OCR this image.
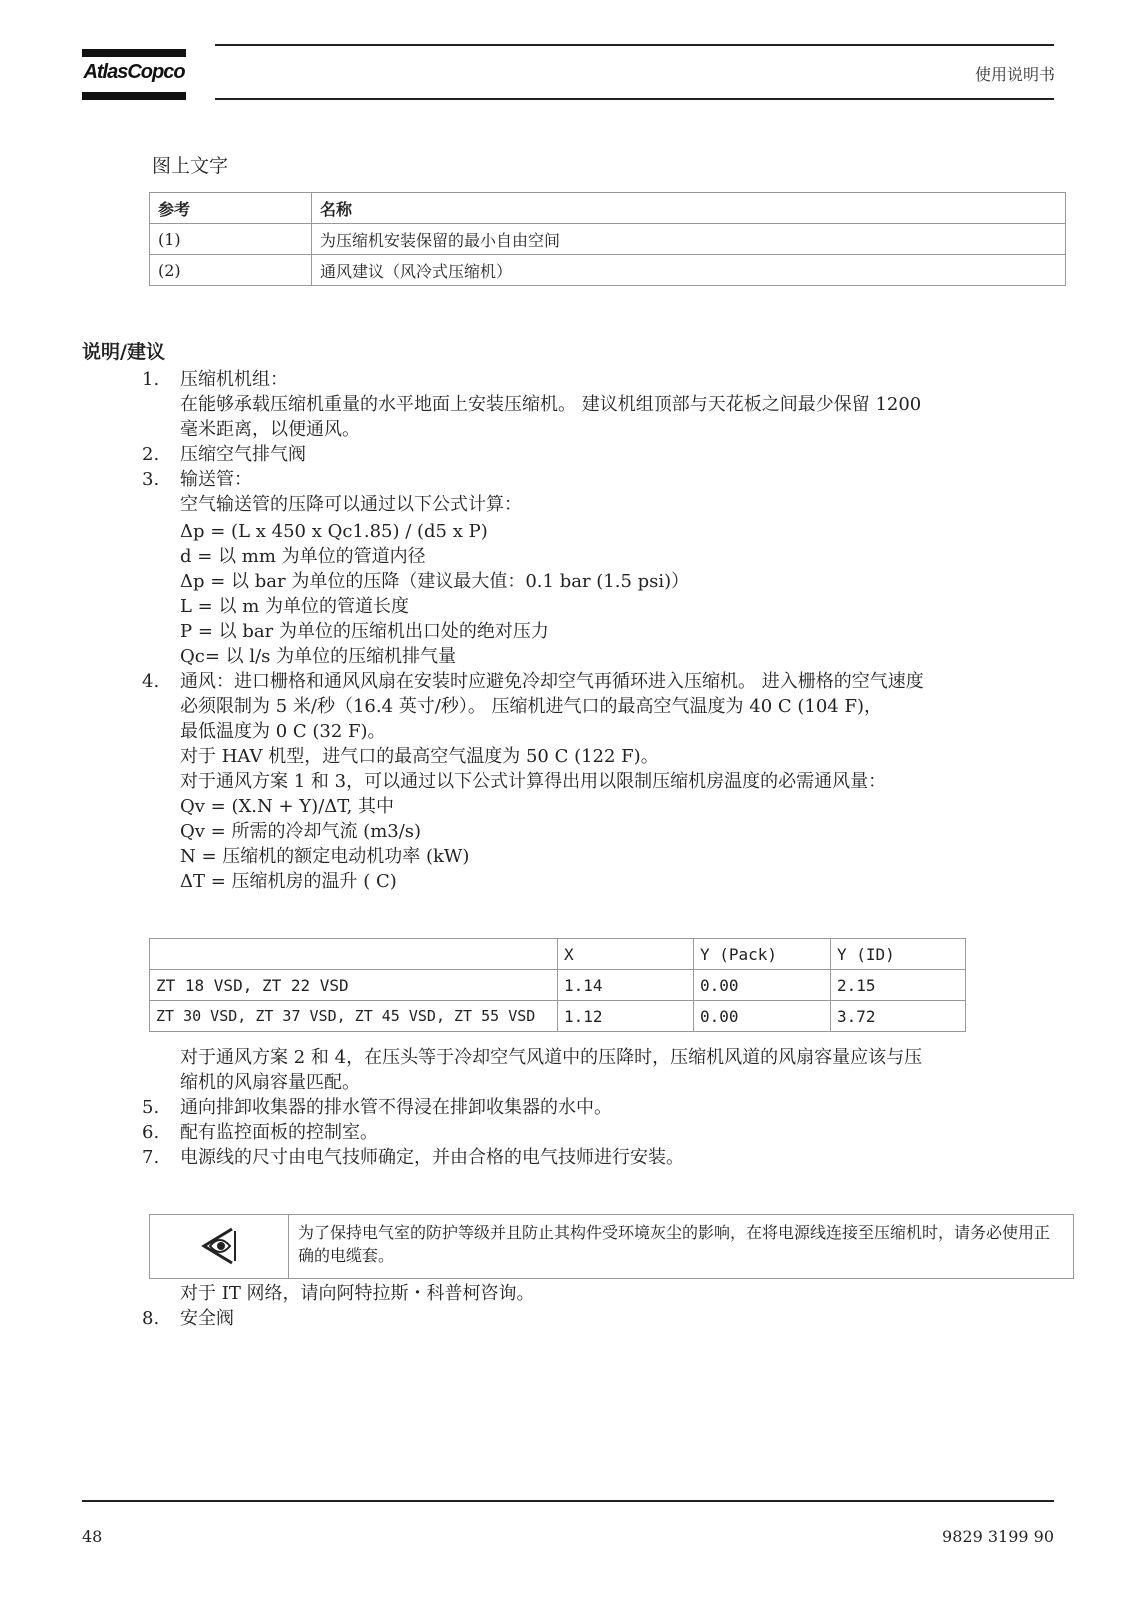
AtlasCopco	使用说明书
图上文字
参考	名称
(1)	为压缩机安装保留的最小自由空间
(2)	通风建议（风冷式压缩机）
说明/建议
1. 压缩机机组：
在能够承载压缩机重量的水平地面上安装压缩机。 建议机组顶部与天花板之间最少保留 1200
毫米距离，以便通风。
2. 压缩空气排气阀
3. 输送管：
空气输送管的压降可以通过以下公式计算：
Δp = (L x 450 x Qc1.85) / (d5 x P)
d = 以 mm 为单位的管道内径
Δp = 以 bar 为单位的压降（建议最大值：0.1 bar (1.5 psi)）
L = 以 m 为单位的管道长度
P = 以 bar 为单位的压缩机出口处的绝对压力
Qc= 以 l/s 为单位的压缩机排气量
4. 通风：进口栅格和通风风扇在安装时应避免冷却空气再循环进入压缩机。 进入栅格的空气速度
必须限制为 5 米/秒（16.4 英寸/秒）。 压缩机进气口的最高空气温度为 40 C (104 F)，
最低温度为 0 C (32 F)。
对于 HAV 机型，进气口的最高空气温度为 50 C (122 F)。
对于通风方案 1 和 3，可以通过以下公式计算得出用以限制压缩机房温度的必需通风量：
Qv = (X.N + Y)/ΔT, 其中
Qv = 所需的冷却气流 (m3/s)
N = 压缩机的额定电动机功率 (kW)
ΔT = 压缩机房的温升 ( C)
	X	Y (Pack)	Y (ID)
ZT 18 VSD, ZT 22 VSD	1.14	0.00	2.15
ZT 30 VSD, ZT 37 VSD, ZT 45 VSD, ZT 55 VSD	1.12	0.00	3.72
对于通风方案 2 和 4，在压头等于冷却空气风道中的压降时，压缩机风道的风扇容量应该与压
缩机的风扇容量匹配。
5. 通向排卸收集器的排水管不得浸在排卸收集器的水中。
6. 配有监控面板的控制室。
7. 电源线的尺寸由电气技师确定，并由合格的电气技师进行安装。
为了保持电气室的防护等级并且防止其构件受环境灰尘的影响，在将电源线连接至压缩机时，请务必使用正确的电缆套。
对于 IT 网络，请向阿特拉斯・科普柯咨询。
8. 安全阀
48	9829 3199 90
